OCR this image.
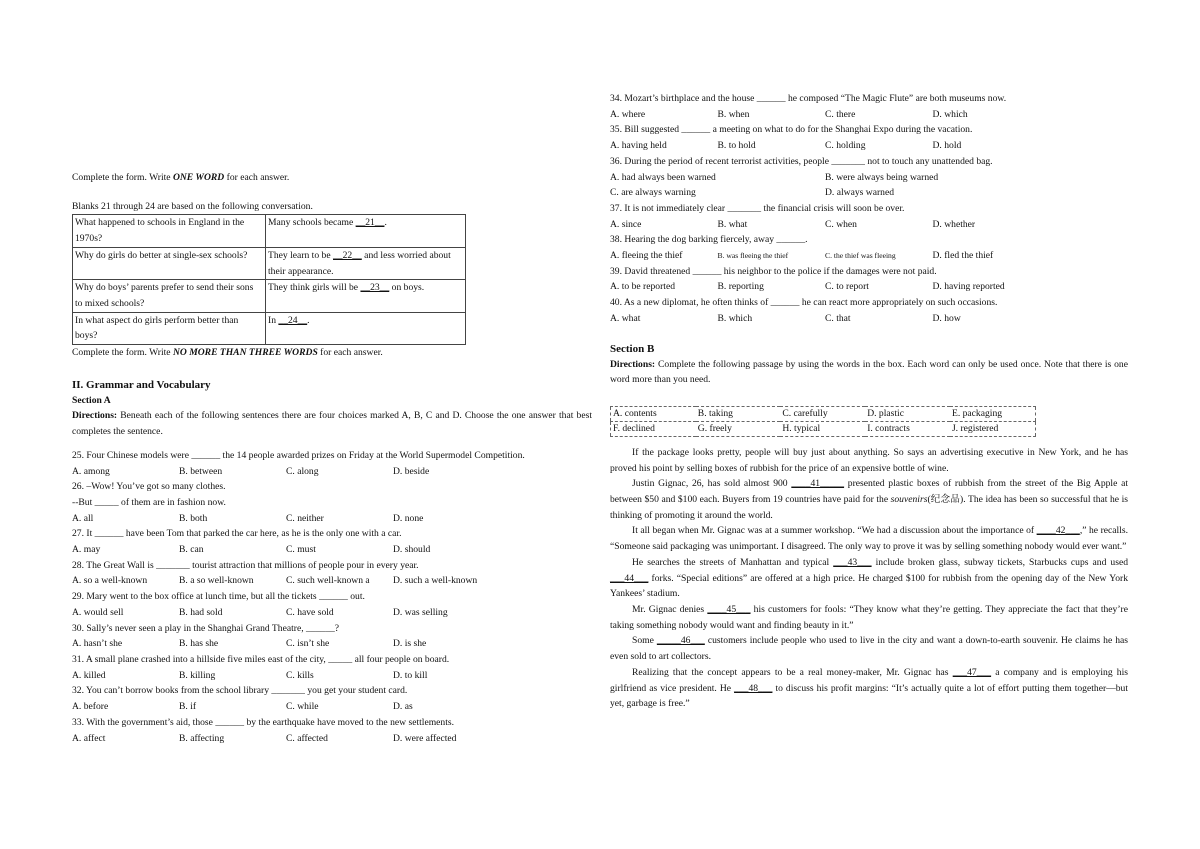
Complete the form. Write ONE WORD for each answer.
Blanks 21 through 24 are based on the following conversation.
What happened to schools in England in the 1970s?	Many schools became __21__.
Why do girls do better at single-sex schools?	They learn to be __22__ and less worried about their appearance.
Why do boys’ parents prefer to send their sons to mixed schools?	They think girls will be __23__ on boys.
In what aspect do girls perform better than boys?	In __24__.
Complete the form. Write NO MORE THAN THREE WORDS for each answer.
II. Grammar and Vocabulary
Section A
Directions: Beneath each of the following sentences there are four choices marked A, B, C and D. Choose the one answer that best completes the sentence.
25. Four Chinese models were ______ the 14 people awarded prizes on Friday at the World Supermodel Competition.
A. among	B. between	C. along	D. beside
26. –Wow! You’ve got so many clothes.
--But _____ of them are in fashion now.
A. all	B. both	C. neither	D. none
27. It ______ have been Tom that parked the car here, as he is the only one with a car.
A. may	B. can	C. must	D. should
28. The Great Wall is _______ tourist attraction that millions of people pour in every year.
A. so a well-known	B. a so well-known	C. such well-known a	D. such a well-known
29. Mary went to the box office at lunch time, but all the tickets ______ out.
A. would sell	B. had sold	C. have sold	D. was selling
30. Sally’s never seen a play in the Shanghai Grand Theatre, ______?
A. hasn’t she	B. has she	C. isn’t she	D. is she
31. A small plane crashed into a hillside five miles east of the city, _____ all four people on board.
A. killed	B. killing	C. kills	D. to kill
32. You can’t borrow books from the school library _______ you get your student card.
A. before	B. if	C. while	D. as
33. With the government’s aid, those ______ by the earthquake have moved to the new settlements.
A. affect	B. affecting	C. affected	D. were affected
34. Mozart’s birthplace and the house ______ he composed “The Magic Flute” are both museums now.
A. where	B. when	C. there	D. which
35. Bill suggested ______ a meeting on what to do for the Shanghai Expo during the vacation.
A. having held	B. to hold	C. holding	D. hold
36. During the period of recent terrorist activities, people _______ not to touch any unattended bag.
A. had always been warned	B. were always being warned
C. are always warning	D. always warned
37. It is not immediately clear _______ the financial crisis will soon be over.
A. since	B. what	C. when	D. whether
38. Hearing the dog barking fiercely, away ______.
A. fleeing the thief	B. was fleeing the thief	C. the thief was fleeing	D. fled the thief
39. David threatened ______ his neighbor to the police if the damages were not paid.
A. to be reported	B. reporting	C. to report	D. having reported
40. As a new diplomat, he often thinks of ______ he can react more appropriately on such occasions.
A. what	B. which	C. that	D. how
Section B
Directions: Complete the following passage by using the words in the box. Each word can only be used once. Note that there is one word more than you need.
A. contents	B. taking	C. carefully	D. plastic	E. packaging
F. declined	G. freely	H. typical	I. contracts	J. registered
If the package looks pretty, people will buy just about anything. So says an advertising executive in New York, and he has proved his point by selling boxes of rubbish for the price of an expensive bottle of wine.
Justin Gignac, 26, has sold almost 900 ____41_____ presented plastic boxes of rubbish from the street of the Big Apple at between $50 and $100 each. Buyers from 19 countries have paid for the souvenirs(纪念品). The idea has been so successful that he is thinking of promoting it around the world.
It all began when Mr. Gignac was at a summer workshop. “We had a discussion about the importance of ____42___,” he recalls. “Someone said packaging was unimportant. I disagreed. The only way to prove it was by selling something nobody would ever want.”
He searches the streets of Manhattan and typical ___43___ include broken glass, subway tickets, Starbucks cups and used ___44___ forks. “Special editions” are offered at a high price. He charged $100 for rubbish from the opening day of the New York Yankees’ stadium.
Mr. Gignac denies ____45___ his customers for fools: “They know what they’re getting. They appreciate the fact that they’re taking something nobody would want and finding beauty in it.”
Some _____46___ customers include people who used to live in the city and want a down-to-earth souvenir. He claims he has even sold to art collectors.
Realizing that the concept appears to be a real money-maker, Mr. Gignac has ___47___ a company and is employing his girlfriend as vice president. He ___48___ to discuss his profit margins: “It’s actually quite a lot of effort putting them together—but yet, garbage is free.”
